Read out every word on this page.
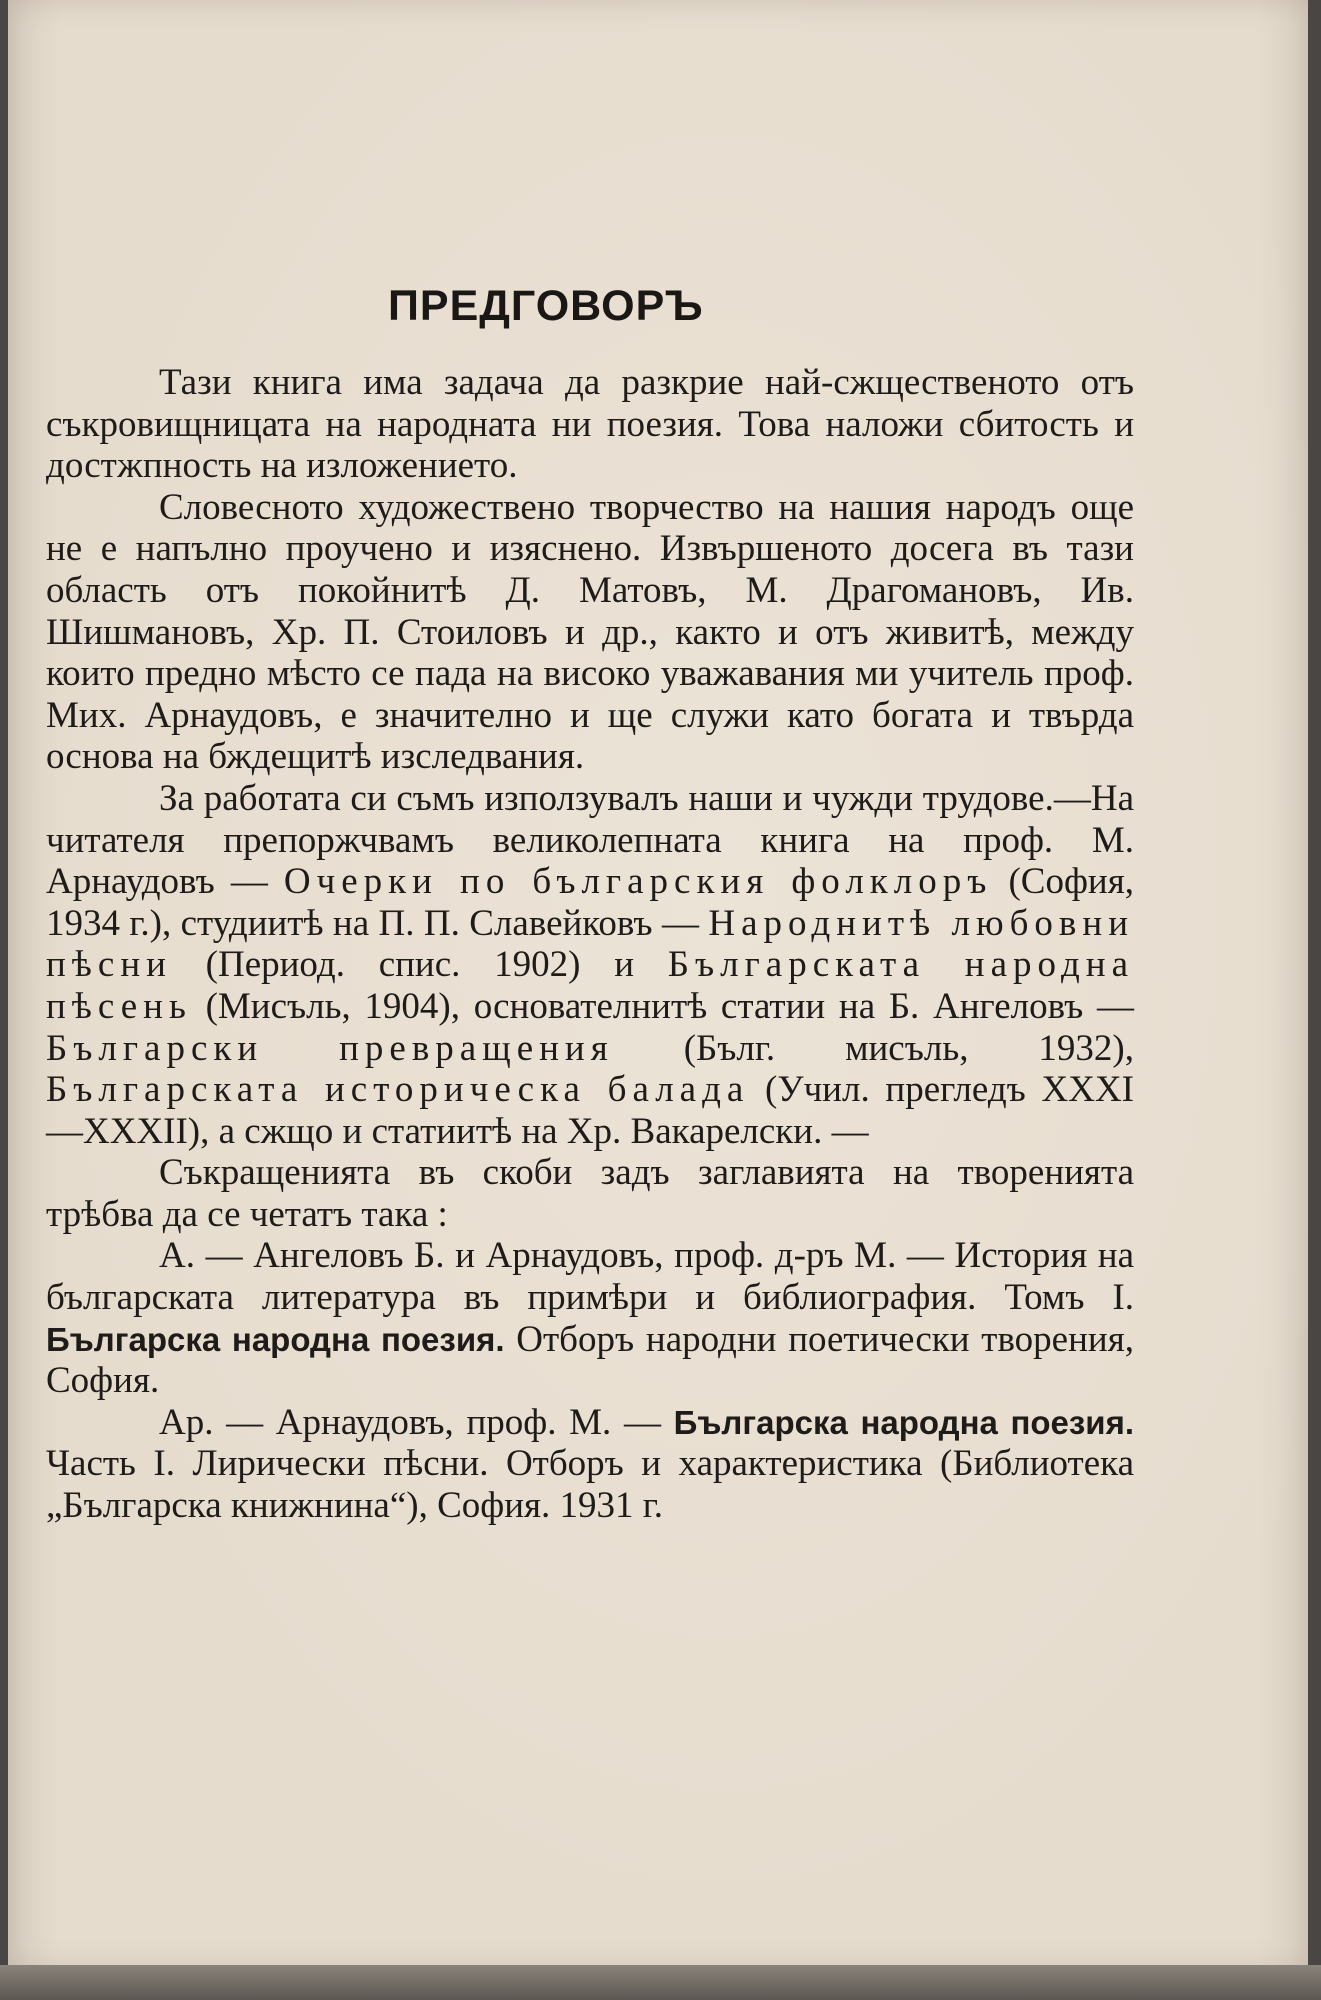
ПРЕДГОВОРЪ

Тази книга има задача да разкрие най-сжщественото отъ съкровищницата на народната ни поезия. Това наложи сбитость и достжпность на изложението.

Словесното художествено творчество на нашия народъ още не е напълно проучено и изяснено. Извършеното досега въ тази область отъ покойнитѣ Д. Матовъ, М. Драгомановъ, Ив. Шишмановъ, Хр. П. Стоиловъ и др., както и отъ живитѣ, между които предно мѣсто се пада на високо уважавания ми учитель проф. Мих. Арнаудовъ, е значително и ще служи като богата и твърда основа на бждещитѣ изследвания.

За работата си съмъ използувалъ наши и чужди трудове.—На читателя препоржчвамъ великолепната книга на проф. М. Арнаудовъ — Очерки по българския фолклоръ (София, 1934 г.), студиитѣ на П. П. Славейковъ — Народнитѣ любовни пѣсни (Период. спис. 1902) и Българската народна пѣсень (Мисъль, 1904), основателнитѣ статии на Б. Ангеловъ — Български превращения (Бълг. мисъль, 1932), Българската историческа балада (Учил. прегледъ XXXI—XXXII), а сжщо и статиитѣ на Хр. Вакарелски. —

Съкращенията въ скоби задъ заглавията на творенията трѣбва да се четатъ така :

А. — Ангеловъ Б. и Арнаудовъ, проф. д-ръ М. — История на българската литература въ примѣри и библиография. Томъ I. Българска народна поезия. Отборъ народни поетически творения, София.

Ар. — Арнаудовъ, проф. М. — Българска народна поезия. Часть I. Лирически пѣсни. Отборъ и характеристика (Библиотека „Българска книжнина“), София. 1931 г.
